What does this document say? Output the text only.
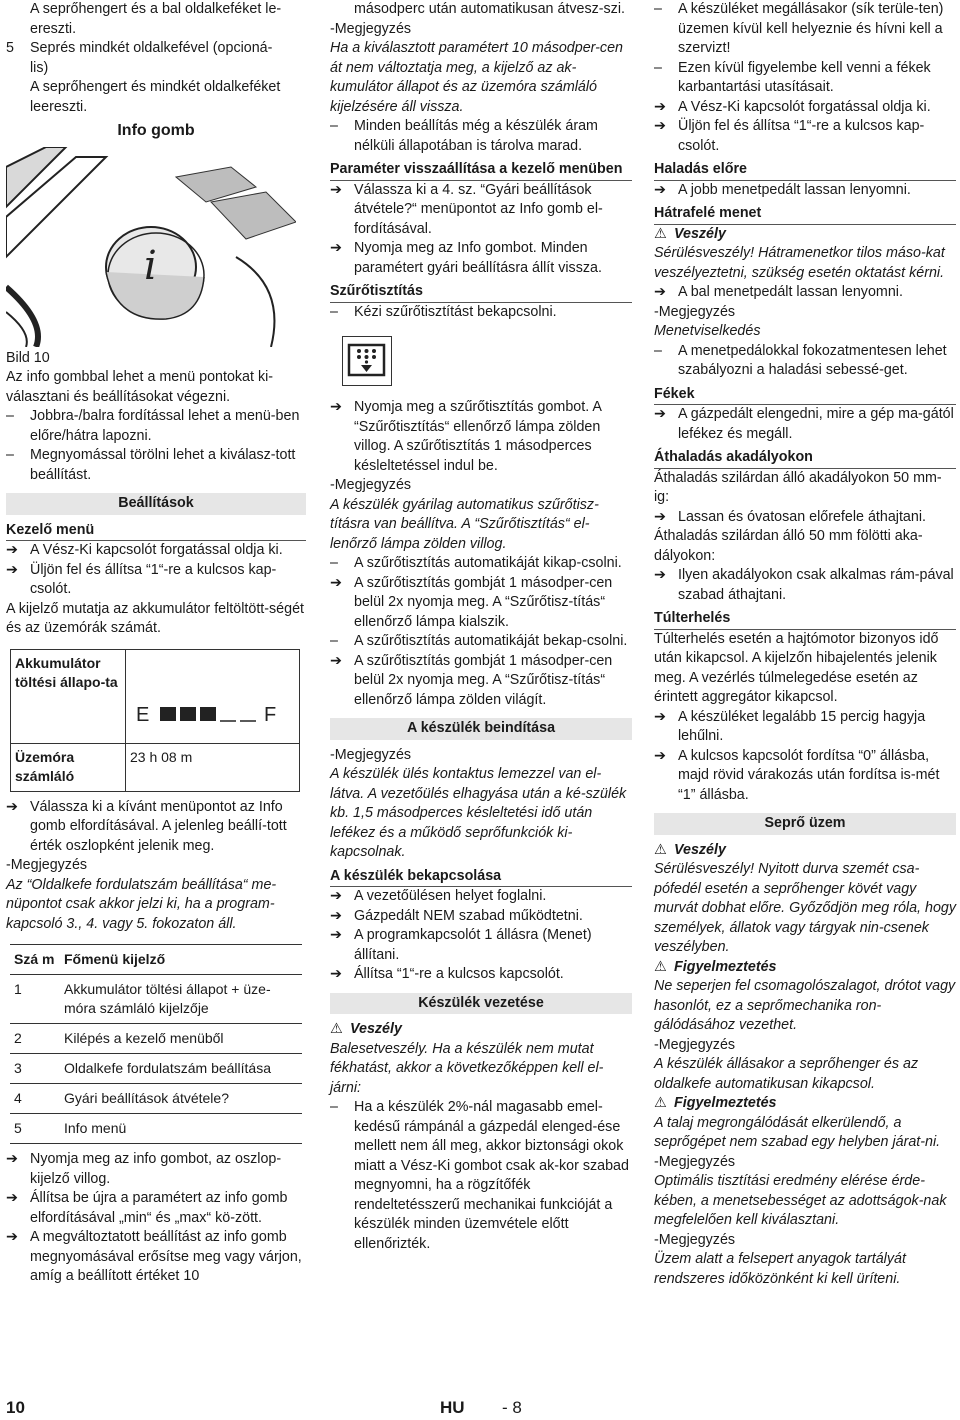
A seprőhengert és a bal oldalkeféket le-
ereszti.
5 Seprés mindkét oldalkefével (opcioná-
lis)
A seprőhengert és mindkét oldalkeféket
leereszti.
Info gomb
i
Bild 10
Az info gombbal lehet a menü pontokat ki-választani és beállításokat végezni.
– Jobbra-/balra fordítással lehet a menü-ben előre/hátra lapozni.
– Megnyomással törölni lehet a kiválasz-tott beállítást.
Beállítások
Kezelő menü
➔ A Vész-Ki kapcsolót forgatással oldja ki.
➔ Üljön fel és állítsa “1“-re a kulcsos kap-csolót.
A kijelző mutatja az akkumulátor feltöltött-ségét és az üzemórák számát.
Akkumulátor töltési állapo-ta	E F

Üzemóra számláló	23 h 08 m
➔ Válassza ki a kívánt menüpontot az Info gomb elfordításával. A jelenleg beállí-tott érték oszlopként jelenik meg.
-Megjegyzés
Az “Oldalkefe fordulatszám beállítása“ me-nüpontot csak akkor jelzi ki, ha a program-kapcsoló 3., 4. vagy 5. fokozaton áll.
Szá m	Főmenü kijelző
1	Akkumulátor töltési állapot + üze-móra számláló kijelzője
2	Kilépés a kezelő menüből
3	Oldalkefe fordulatszám beállítása
4	Gyári beállítások átvétele?
5	Info menü
➔ Nyomja meg az info gombot, az oszlop-kijelző villog.
➔ Állítsa be újra a paramétert az info gomb elfordításával „min“ és „max“ kö-zött.
➔ A megváltoztatott beállítást az info gomb megnyomásával erősítse meg vagy várjon, amíg a beállított értéket 10
másodperc után automatikusan átvesz-szi.
-Megjegyzés
Ha a kiválasztott paramétert 10 másodper-cen át nem változtatja meg, a kijelző az ak-kumulátor állapot és az üzemóra számláló kijelzésére áll vissza.
– Minden beállítás még a készülék áram nélküli állapotában is tárolva marad.
Paraméter visszaállítása a kezelő menüben
➔ Válassza ki a 4. sz. “Gyári beállítások átvétele?“ menüpontot az Info gomb el-fordításával.
➔ Nyomja meg az Info gombot. Minden paramétert gyári beállításra állít vissza.
Szűrőtisztítás
– Kézi szűrőtisztítást bekapcsolni.
➔ Nyomja meg a szűrőtisztítás gombot. A “Szűrőtisztítás“ ellenőrző lámpa zölden villog. A szűrőtisztítás 1 másodperces késleltetéssel indul be.
-Megjegyzés
A készülék gyárilag automatikus szűrőtisz-tításra van beállítva. A “Szűrőtisztítás“ el-lenőrző lámpa zölden villog.
– A szűrőtisztítás automatikáját kikap-csolni.
➔ A szűrőtisztítás gombját 1 másodper-cen belül 2x nyomja meg. A “Szűrőtisz-títás“ ellenőrző lámpa kialszik.
– A szűrőtisztítás automatikáját bekap-csolni.
➔ A szűrőtisztítás gombját 1 másodper-cen belül 2x nyomja meg. A “Szűrőtisz-títás“ ellenőrző lámpa zölden világít.
A készülék beindítása
-Megjegyzés
A készülék ülés kontaktus lemezzel van el-látva. A vezetőülés elhagyása után a ké-szülék kb. 1,5 másodperces késleltetési idő után lefékez és a működő seprőfunkciók ki-kapcsolnak.
A készülék bekapcsolása
➔ A vezetőülésen helyet foglalni.
➔ Gázpedált NEM szabad működtetni.
➔ A programkapcsolót 1 állásra (Menet) állítani.
➔ Állítsa “1“-re a kulcsos kapcsolót.
Készülék vezetése
⚠ Veszély
Balesetveszély. Ha a készülék nem mutat fékhatást, akkor a következőképpen kell el-járni:
– Ha a készülék 2%-nál magasabb emel-kedésű rámpánál a gázpedál elenged-ése mellett nem áll meg, akkor biztonsági okok miatt a Vész-Ki gombot csak ak-kor szabad megnyomni, ha a rögzítőfék rendeltetésszerű mechanikai funkcióját a készülék minden üzemvétele előtt ellenőrizték.
– A készüléket megállásakor (sík terüle-ten) üzemen kívül kell helyeznie és hívni kell a szervizt!
– Ezen kívül figyelembe kell venni a fékek karbantartási utasításait.
➔ A Vész-Ki kapcsolót forgatással oldja ki.
➔ Üljön fel és állítsa “1“-re a kulcsos kap-csolót.
Haladás előre
➔ A jobb menetpedált lassan lenyomni.
Hátrafelé menet
⚠ Veszély
Sérülésveszély! Hátramenetkor tilos máso-kat veszélyeztetni, szükség esetén oktatást kérni.
➔ A bal menetpedált lassan lenyomni.
-Megjegyzés
Menetviselkedés
– A menetpedálokkal fokozatmentesen lehet szabályozni a haladási sebessé-get.
Fékek
➔ A gázpedált elengedni, mire a gép ma-gától lefékez és megáll.
Áthaladás akadályokon
Áthaladás szilárdan álló akadályokon 50 mm-ig:
➔ Lassan és óvatosan előrefele áthajtani.
Áthaladás szilárdan álló 50 mm fölötti aka-dályokon:
➔ Ilyen akadályokon csak alkalmas rám-pával szabad áthajtani.
Túlterhelés
Túlterhelés esetén a hajtómotor bizonyos idő után kikapcsol. A kijelzőn hibajelentés jelenik meg. A vezérlés túlmelegedése esetén az érintett aggregátor kikapcsol.
➔ A készüléket legalább 15 percig hagyja lehűlni.
➔ A kulcsos kapcsolót fordítsa “0” állásba, majd rövid várakozás után fordítsa is-mét “1” állásba.
Seprő üzem
⚠ Veszély
Sérülésveszély! Nyitott durva szemét csa-pófedél esetén a seprőhenger kövét vagy murvát dobhat előre. Győződjön meg róla, hogy személyek, állatok vagy tárgyak nin-csenek veszélyben.
⚠ Figyelmeztetés
Ne seperjen fel csomagolószalagot, drótot vagy hasonlót, ez a seprőmechanika ron-gálódásához vezethet.
-Megjegyzés
A készülék állásakor a seprőhenger és az oldalkefe automatikusan kikapcsol.
⚠ Figyelmeztetés
A talaj megrongálódását elkerülendő, a seprőgépet nem szabad egy helyben járat-ni.
-Megjegyzés
Optimális tisztítási eredmény elérése érde-kében, a menetsebességet az adottságok-nak megfelelően kell kiválasztani.
-Megjegyzés
Üzem alatt a felsepert anyagok tartályát rendszeres időközönként ki kell üríteni.
10	HU - 8
